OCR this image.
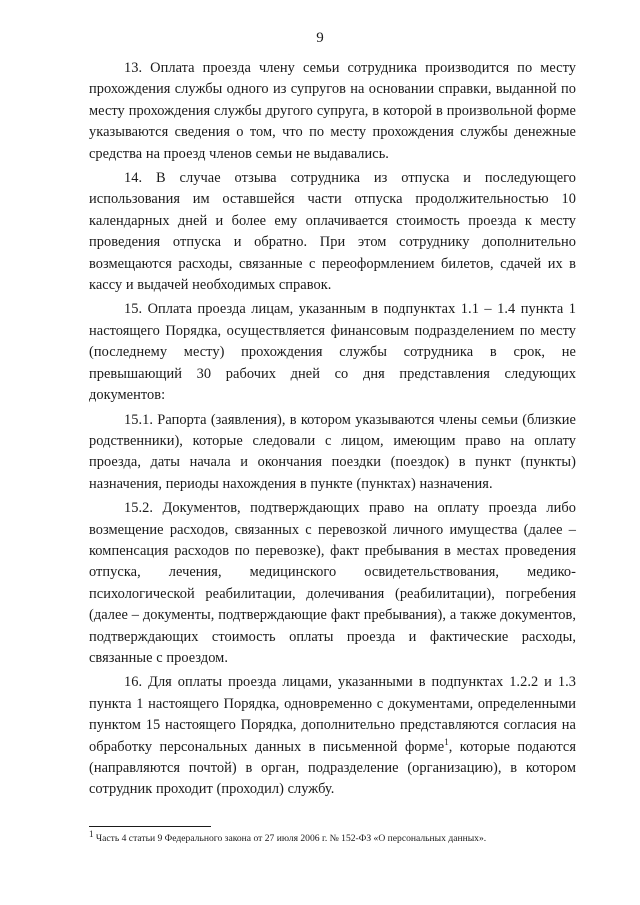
9

13. Оплата проезда члену семьи сотрудника производится по месту прохождения службы одного из супругов на основании справки, выданной по месту прохождения службы другого супруга, в которой в произвольной форме указываются сведения о том, что по месту прохождения службы денежные средства на проезд членов семьи не выдавались.

14. В случае отзыва сотрудника из отпуска и последующего использования им оставшейся части отпуска продолжительностью 10 календарных дней и более ему оплачивается стоимость проезда к месту проведения отпуска и обратно. При этом сотруднику дополнительно возмещаются расходы, связанные с переоформлением билетов, сдачей их в кассу и выдачей необходимых справок.

15. Оплата проезда лицам, указанным в подпунктах 1.1 – 1.4 пункта 1 настоящего Порядка, осуществляется финансовым подразделением по месту (последнему месту) прохождения службы сотрудника в срок, не превышающий 30 рабочих дней со дня представления следующих документов:

15.1. Рапорта (заявления), в котором указываются члены семьи (близкие родственники), которые следовали с лицом, имеющим право на оплату проезда, даты начала и окончания поездки (поездок) в пункт (пункты) назначения, периоды нахождения в пункте (пунктах) назначения.

15.2. Документов, подтверждающих право на оплату проезда либо возмещение расходов, связанных с перевозкой личного имущества (далее – компенсация расходов по перевозке), факт пребывания в местах проведения отпуска, лечения, медицинского освидетельствования, медико-психологической реабилитации, долечивания (реабилитации), погребения (далее – документы, подтверждающие факт пребывания), а также документов, подтверждающих стоимость оплаты проезда и фактические расходы, связанные с проездом.

16. Для оплаты проезда лицами, указанными в подпунктах 1.2.2 и 1.3 пункта 1 настоящего Порядка, одновременно с документами, определенными пунктом 15 настоящего Порядка, дополнительно представляются согласия на обработку персональных данных в письменной форме$^1$, которые подаются (направляются почтой) в орган, подразделение (организацию), в котором сотрудник проходит (проходил) службу.

$^1$ Часть 4 статьи 9 Федерального закона от 27 июля 2006 г. № 152-ФЗ «О персональных данных».
